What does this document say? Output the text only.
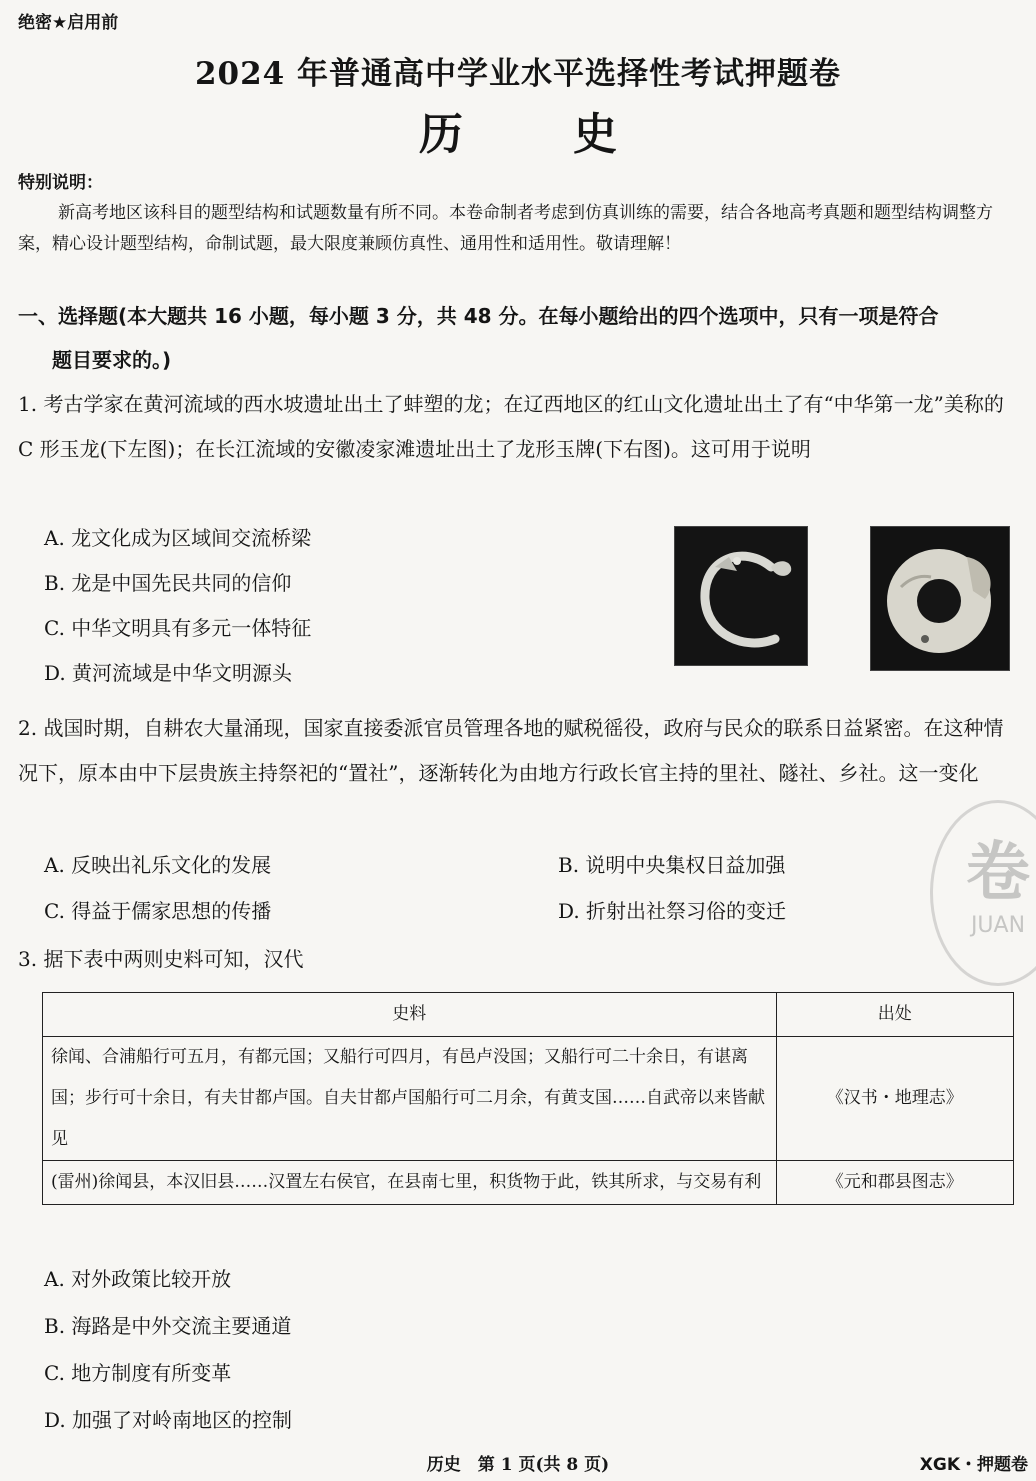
绝密★启用前
2024 年普通高中学业水平选择性考试押题卷
历史
特别说明：
新高考地区该科目的题型结构和试题数量有所不同。本卷命制者考虑到仿真训练的需要，结合各地高考真题和题型结构调整方案，精心设计题型结构，命制试题，最大限度兼顾仿真性、通用性和适用性。敬请理解！
一、选择题(本大题共 16 小题，每小题 3 分，共 48 分。在每小题给出的四个选项中，只有一项是符合
题目要求的。)
1. 考古学家在黄河流域的西水坡遗址出土了蚌塑的龙；在辽西地区的红山文化遗址出土了有“中华第一龙”美称的 C 形玉龙(下左图)；在长江流域的安徽凌家滩遗址出土了龙形玉牌(下右图)。这可用于说明
A. 龙文化成为区域间交流桥梁
B. 龙是中国先民共同的信仰
C. 中华文明具有多元一体特征
D. 黄河流域是中华文明源头
2. 战国时期，自耕农大量涌现，国家直接委派官员管理各地的赋税徭役，政府与民众的联系日益紧密。在这种情况下，原本由中下层贵族主持祭祀的“置社”，逐渐转化为由地方行政长官主持的里社、隧社、乡社。这一变化
A. 反映出礼乐文化的发展	B. 说明中央集权日益加强
C. 得益于儒家思想的传播	D. 折射出社祭习俗的变迁
卷
JUAN
3. 据下表中两则史料可知，汉代
史料	出处
徐闻、合浦船行可五月，有都元国；又船行可四月，有邑卢没国；又船行可二十余日，有谌离国；步行可十余日，有夫甘都卢国。自夫甘都卢国船行可二月余，有黄支国……自武帝以来皆献见	《汉书・地理志》
(雷州)徐闻县，本汉旧县……汉置左右侯官，在县南七里，积货物于此，铁其所求，与交易有利	《元和郡县图志》
A. 对外政策比较开放
B. 海路是中外交流主要通道
C. 地方制度有所变革
D. 加强了对岭南地区的控制
历史　第 1 页(共 8 页)	XGK・押题卷
